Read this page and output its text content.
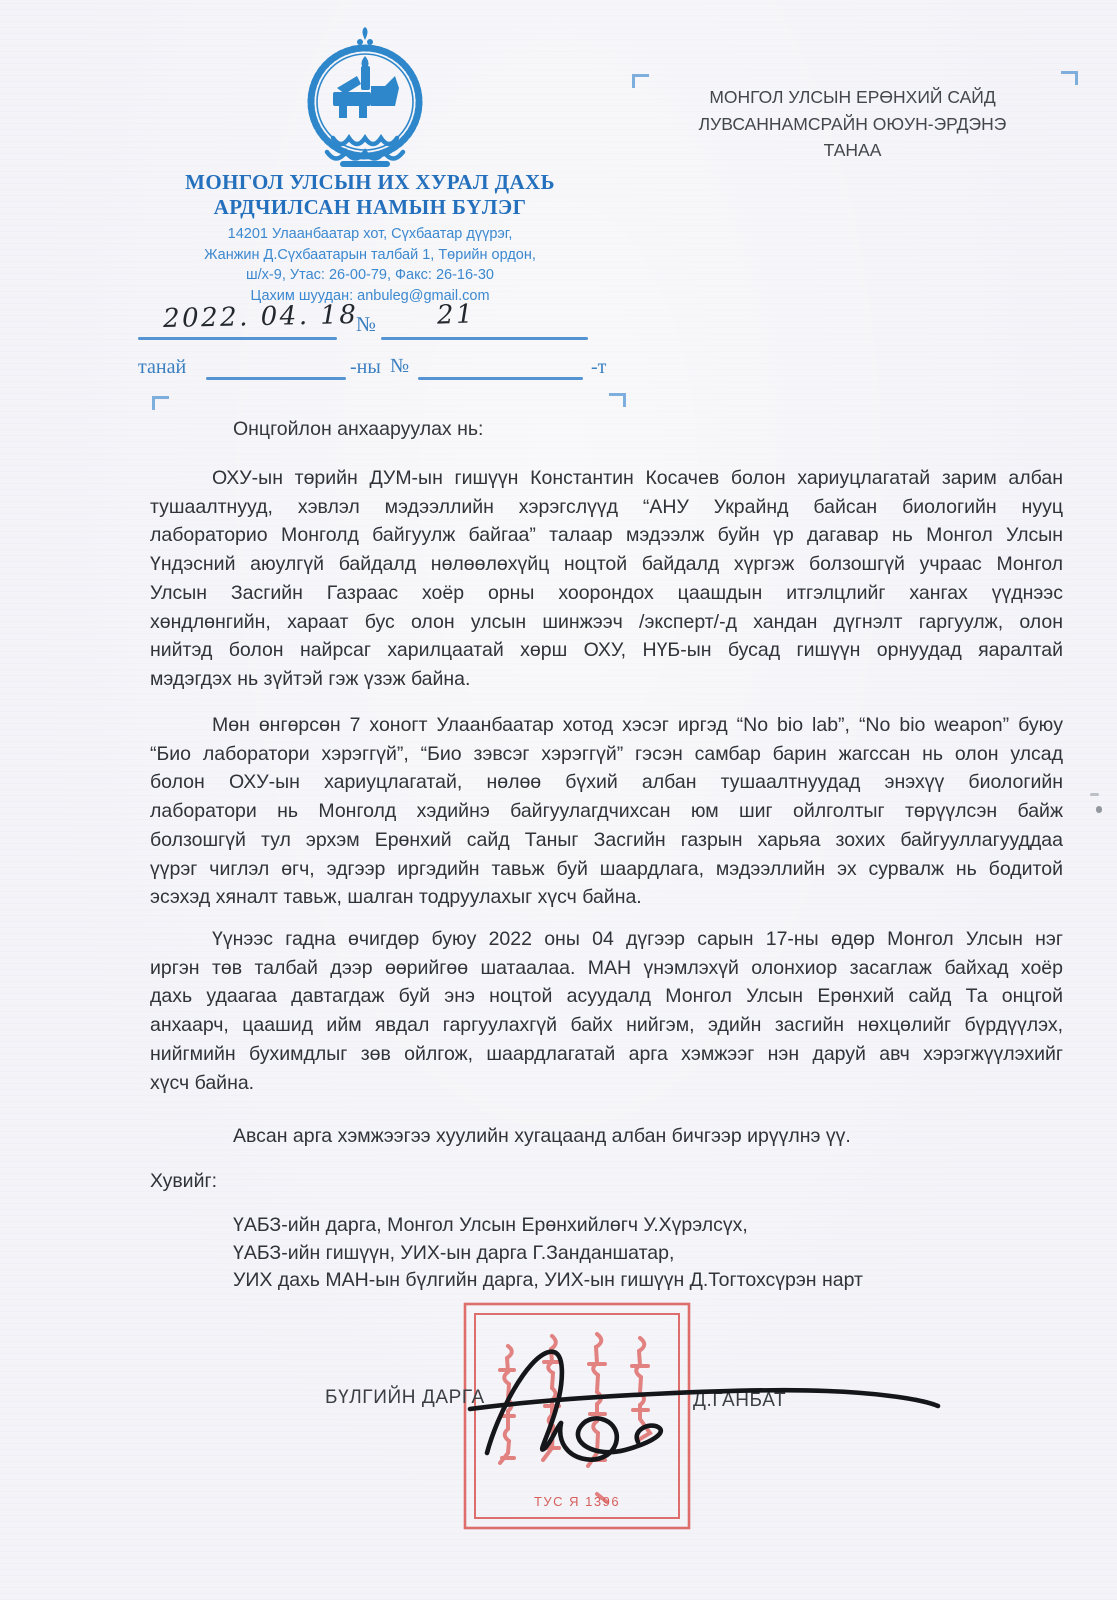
МОНГОЛ УЛСЫН ИХ ХУРАЛ ДАХЬ
АРДЧИЛСАН НАМЫН БҮЛЭГ
14201 Улаанбаатар хот, Сүхбаатар дүүрэг,
Жанжин Д.Сүхбаатарын талбай 1, Төрийн ордон,
ш/х-9, Утас: 26-00-79, Факс: 26-16-30
Цахим шуудан: anbuleg@gmail.com
МОНГОЛ УЛСЫН ЕРӨНХИЙ САЙД
ЛУВСАННАМСРАЙН ОЮУН-ЭРДЭНЭ
ТАНАА
2022. 04. 18
№ 21
танай	-ны №	-т
Онцгойлон анхааруулах нь:
ОХУ-ын төрийн ДУМ-ын гишүүн Константин Косачев болон хариуцлагатай зарим албан
тушаалтнууд, хэвлэл мэдээллийн хэрэгслүүд “АНУ Украйнд байсан биологийн нууц
лабораторио Монголд байгуулж байгаа” талаар мэдээлж буйн үр дагавар нь Монгол Улсын
Үндэсний аюулгүй байдалд нөлөөлөхүйц ноцтой байдалд хүргэж болзошгүй учраас Монгол
Улсын Засгийн Газраас хоёр орны хоорондох цаашдын итгэлцлийг хангах үүднээс
хөндлөнгийн, хараат бус олон улсын шинжээч /эксперт/-д хандан дүгнэлт гаргуулж, олон
нийтэд болон найрсаг харилцаатай хөрш ОХУ, НҮБ-ын бусад гишүүн орнуудад яаралтай
мэдэгдэх нь зүйтэй гэж үзэж байна.
Мөн өнгөрсөн 7 хоногт Улаанбаатар хотод хэсэг иргэд “No bio lab”, “No bio weapon” буюу
“Био лаборатори хэрэггүй”, “Био зэвсэг хэрэггүй” гэсэн самбар барин жагссан нь олон улсад
болон ОХУ-ын хариуцлагатай, нөлөө бүхий албан тушаалтнуудад энэхүү биологийн
лаборатори нь Монголд хэдийнэ байгуулагдчихсан юм шиг ойлголтыг төрүүлсэн байж
болзошгүй тул эрхэм Ерөнхий сайд Таныг Засгийн газрын харьяа зохих байгууллагууддаа
үүрэг чиглэл өгч, эдгээр иргэдийн тавьж буй шаардлага, мэдээллийн эх сурвалж нь бодитой
эсэхэд хяналт тавьж, шалган тодруулахыг хүсч байна.
Үүнээс гадна өчигдөр буюу 2022 оны 04 дүгээр сарын 17-ны өдөр Монгол Улсын нэг
иргэн төв талбай дээр өөрийгөө шатаалаа. МАН үнэмлэхүй олонхиор засаглаж байхад хоёр
дахь удаагаа давтагдаж буй энэ ноцтой асуудалд Монгол Улсын Ерөнхий сайд Та онцгой
анхаарч, цаашид ийм явдал гаргуулахгүй байх нийгэм, эдийн засгийн нөхцөлийг бүрдүүлэх,
нийгмийн бухимдлыг зөв ойлгож, шаардлагатай арга хэмжээг нэн даруй авч хэрэгжүүлэхийг
хүсч байна.
Авсан арга хэмжээгээ хуулийн хугацаанд албан бичгээр ирүүлнэ үү.
Хувийг:
ҮАБЗ-ийн дарга, Монгол Улсын Ерөнхийлөгч У.Хүрэлсүх,
ҮАБЗ-ийн гишүүн, УИХ-ын дарга Г.Занданшатар,
УИХ дахь МАН-ын бүлгийн дарга, УИХ-ын гишүүн Д.Тогтохсүрэн нарт
ТУС Я 1396
БҮЛГИЙН ДАРГА	Д.ГАНБАТ
